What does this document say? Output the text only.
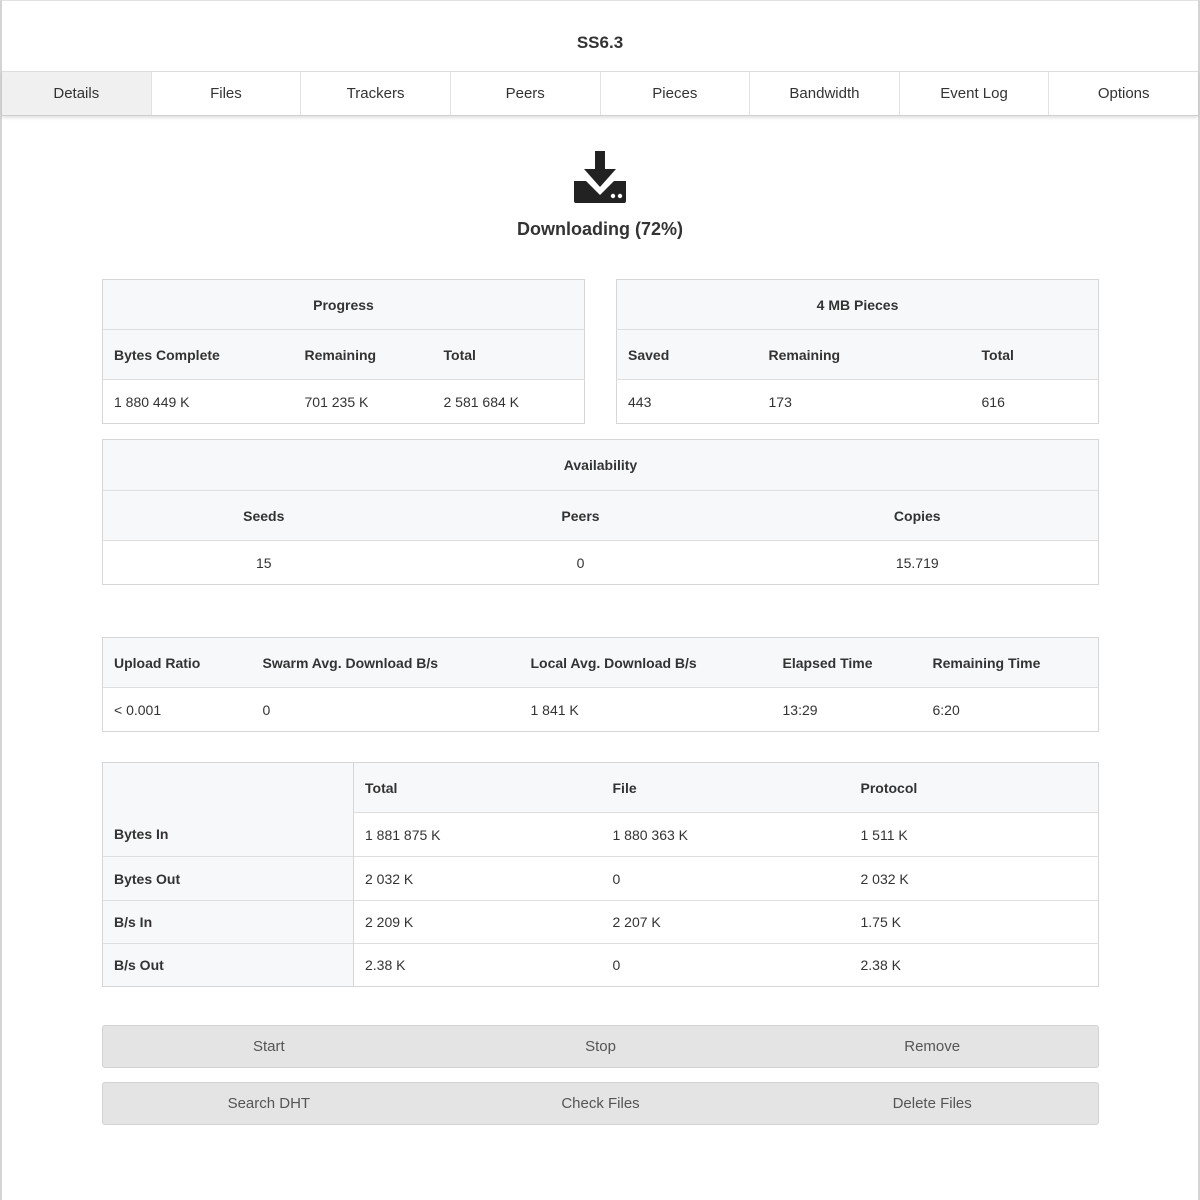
SS6.3
Details	Files	Trackers	Peers	Pieces	Bandwidth	Event Log	Options
Downloading (72%)
Progress		
Bytes Complete	Remaining	Total
1 880 449 K	701 235 K	2 581 684 K
4 MB Pieces		
Saved	Remaining	Total
443	173	616
Availability		
Seeds	Peers	Copies
15	0	15.719
Upload Ratio	Swarm Avg. Download B/s	Local Avg. Download B/s	Elapsed Time	Remaining Time
< 0.001	0	1 841 K	13:29	6:20
	Total	File	Protocol
Bytes In	1 881 875 K	1 880 363 K	1 511 K
Bytes Out	2 032 K	0	2 032 K
B/s In	2 209 K	2 207 K	1.75 K
B/s Out	2.38 K	0	2.38 K
Start	Stop	Remove
Search DHT	Check Files	Delete Files
